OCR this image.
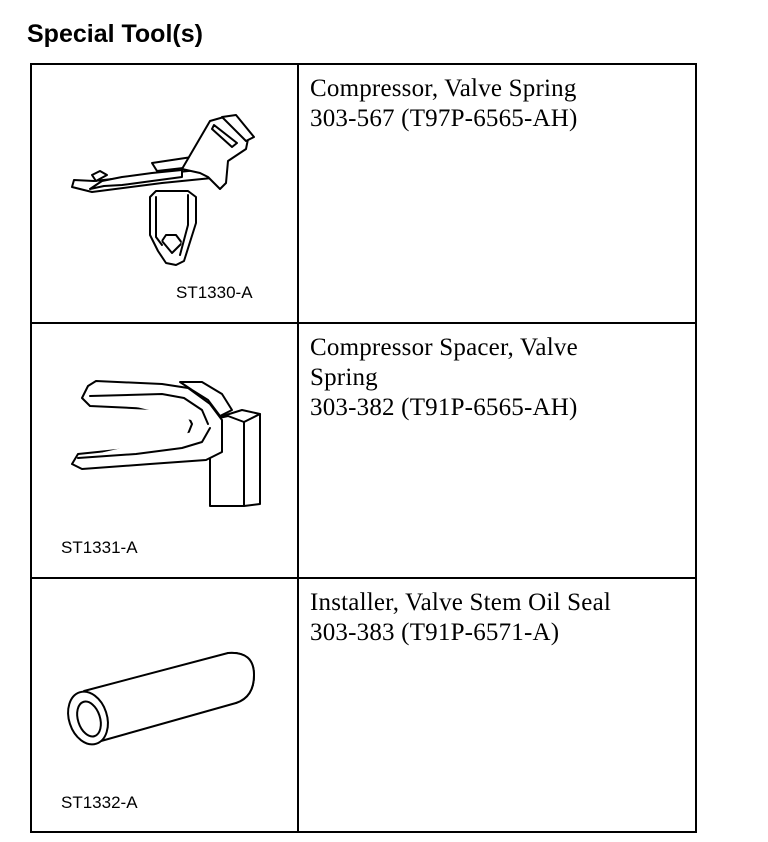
Special Tool(s)
ST1330-A
Compressor, Valve Spring
303-567 (T97P-6565-AH)
ST1331-A
Compressor Spacer, Valve
Spring
303-382 (T91P-6565-AH)
ST1332-A
Installer, Valve Stem Oil Seal
303-383 (T91P-6571-A)
